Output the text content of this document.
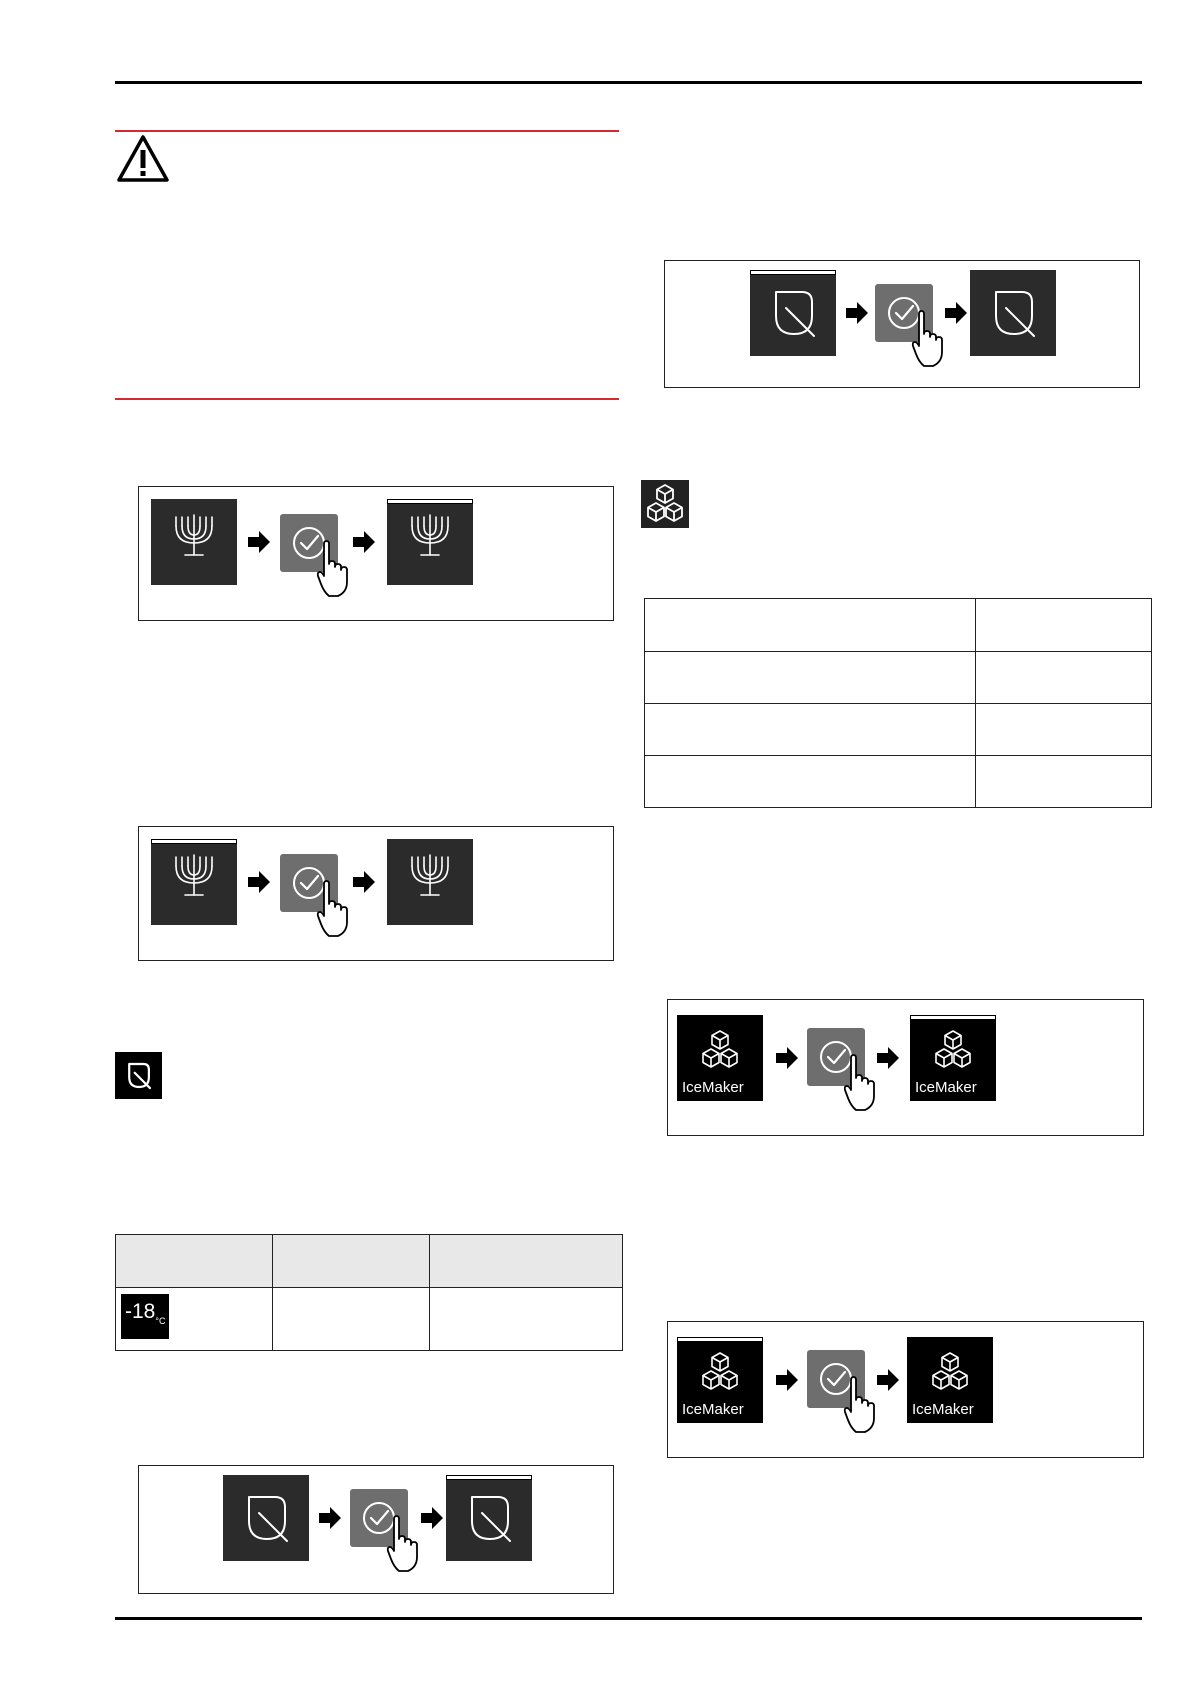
$-18^{^\circ C}$

IceMaker	IceMaker
IceMaker	IceMaker
